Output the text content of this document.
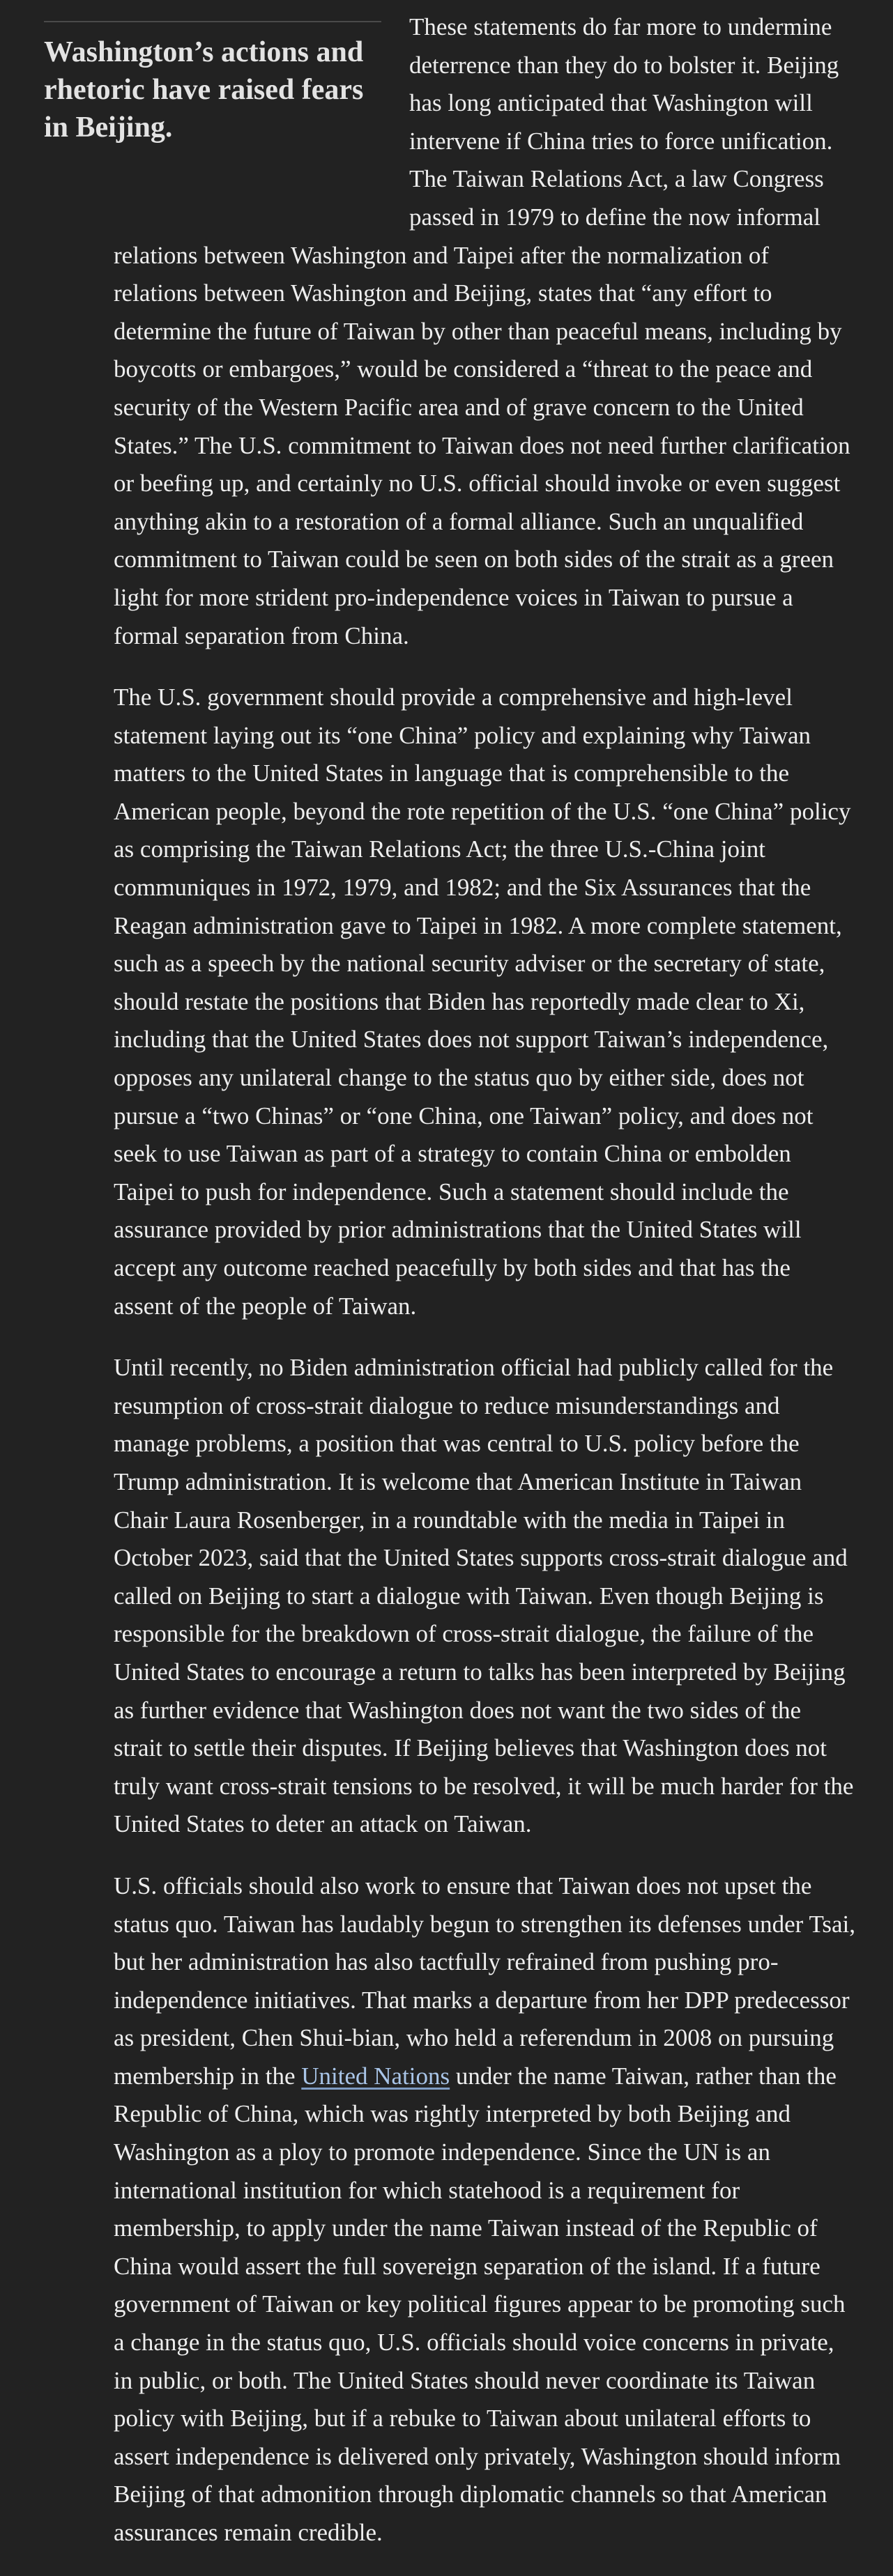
Washington’s actions and rhetoric have raised fears in Beijing.

These statements do far more to undermine deterrence than they do to bolster it. Beijing has long anticipated that Washington will intervene if China tries to force unification. The Taiwan Relations Act, a law Congress passed in 1979 to define the now informal relations between Washington and Taipei after the normalization of relations between Washington and Beijing, states that “any effort to determine the future of Taiwan by other than peaceful means, including by boycotts or embargoes,” would be considered a “threat to the peace and security of the Western Pacific area and of grave concern to the United States.” The U.S. commitment to Taiwan does not need further clarification or beefing up, and certainly no U.S. official should invoke or even suggest anything akin to a restoration of a formal alliance. Such an unqualified commitment to Taiwan could be seen on both sides of the strait as a green light for more strident pro-independence voices in Taiwan to pursue a formal separation from China.

The U.S. government should provide a comprehensive and high-level statement laying out its “one China” policy and explaining why Taiwan matters to the United States in language that is comprehensible to the American people, beyond the rote repetition of the U.S. “one China” policy as comprising the Taiwan Relations Act; the three U.S.-China joint communiques in 1972, 1979, and 1982; and the Six Assurances that the Reagan administration gave to Taipei in 1982. A more complete statement, such as a speech by the national security adviser or the secretary of state, should restate the positions that Biden has reportedly made clear to Xi, including that the United States does not support Taiwan’s independence, opposes any unilateral change to the status quo by either side, does not pursue a “two Chinas” or “one China, one Taiwan” policy, and does not seek to use Taiwan as part of a strategy to contain China or embolden Taipei to push for independence. Such a statement should include the assurance provided by prior administrations that the United States will accept any outcome reached peacefully by both sides and that has the assent of the people of Taiwan.

Until recently, no Biden administration official had publicly called for the resumption of cross-strait dialogue to reduce misunderstandings and manage problems, a position that was central to U.S. policy before the Trump administration. It is welcome that American Institute in Taiwan Chair Laura Rosenberger, in a roundtable with the media in Taipei in October 2023, said that the United States supports cross-strait dialogue and called on Beijing to start a dialogue with Taiwan. Even though Beijing is responsible for the breakdown of cross-strait dialogue, the failure of the United States to encourage a return to talks has been interpreted by Beijing as further evidence that Washington does not want the two sides of the strait to settle their disputes. If Beijing believes that Washington does not truly want cross-strait tensions to be resolved, it will be much harder for the United States to deter an attack on Taiwan.

U.S. officials should also work to ensure that Taiwan does not upset the status quo. Taiwan has laudably begun to strengthen its defenses under Tsai, but her administration has also tactfully refrained from pushing pro-independence initiatives. That marks a departure from her DPP predecessor as president, Chen Shui-bian, who held a referendum in 2008 on pursuing membership in the United Nations under the name Taiwan, rather than the Republic of China, which was rightly interpreted by both Beijing and Washington as a ploy to promote independence. Since the UN is an international institution for which statehood is a requirement for membership, to apply under the name Taiwan instead of the Republic of China would assert the full sovereign separation of the island. If a future government of Taiwan or key political figures appear to be promoting such a change in the status quo, U.S. officials should voice concerns in private, in public, or both. The United States should never coordinate its Taiwan policy with Beijing, but if a rebuke to Taiwan about unilateral efforts to assert independence is delivered only privately, Washington should inform Beijing of that admonition through diplomatic channels so that American assurances remain credible.
